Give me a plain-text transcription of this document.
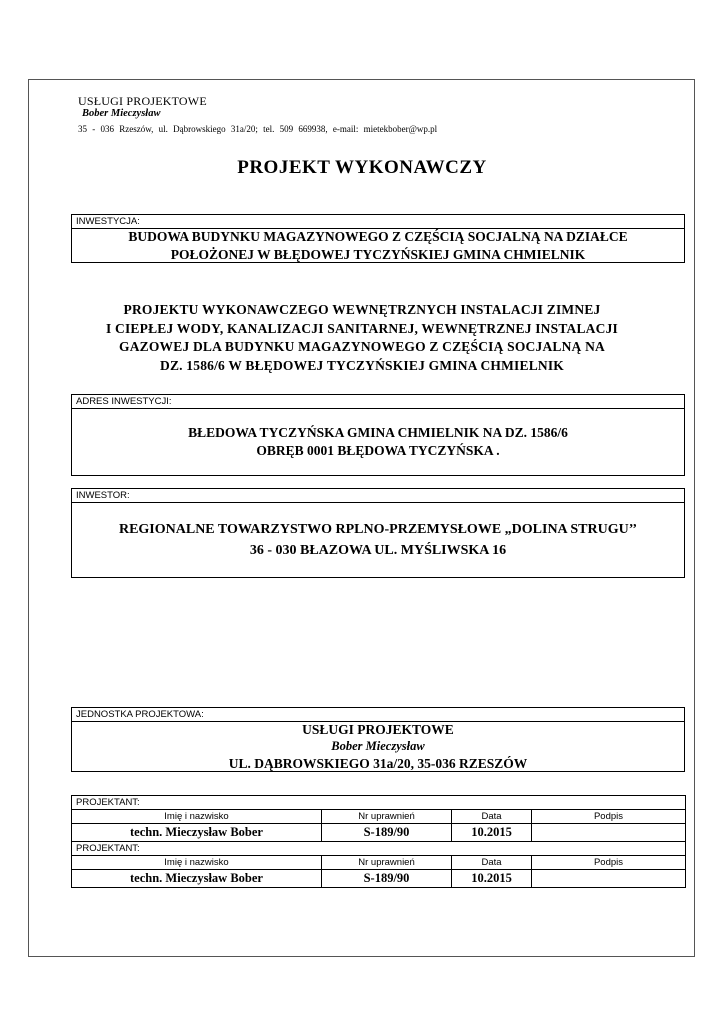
USŁUGI PROJEKTOWE
Bober Mieczysław
35 - 036 Rzeszów, ul. Dąbrowskiego 31a/20; tel. 509 669938, e-mail: mietekbober@wp.pl
PROJEKT WYKONAWCZY
INWESTYCJA:
BUDOWA BUDYNKU MAGAZYNOWEGO Z CZĘŚCIĄ SOCJALNĄ NA DZIAŁCE
POŁOŻONEJ W BŁĘDOWEJ TYCZYŃSKIEJ GMINA CHMIELNIK
PROJEKTU WYKONAWCZEGO WEWNĘTRZNYCH INSTALACJI ZIMNEJ
I CIEPŁEJ WODY, KANALIZACJI SANITARNEJ, WEWNĘTRZNEJ INSTALACJI
GAZOWEJ DLA BUDYNKU MAGAZYNOWEGO Z CZĘŚCIĄ SOCJALNĄ NA
DZ. 1586/6 W BŁĘDOWEJ TYCZYŃSKIEJ GMINA CHMIELNIK
ADRES INWESTYCJI:
BŁEDOWA TYCZYŃSKA GMINA CHMIELNIK NA DZ. 1586/6
OBRĘB 0001 BŁĘDOWA TYCZYŃSKA .
INWESTOR:
REGIONALNE TOWARZYSTWO RPLNO-PRZEMYSŁOWE „DOLINA STRUGU’’
36 - 030 BŁAZOWA UL. MYŚLIWSKA 16
JEDNOSTKA PROJEKTOWA:
USŁUGI PROJEKTOWE
Bober Mieczysław
UL. DĄBROWSKIEGO 31a/20, 35-036 RZESZÓW
PROJEKTANT:			
Imię i nazwisko	Nr uprawnień	Data	Podpis
techn. Mieczysław Bober	S-189/90	10.2015	
PROJEKTANT:			
Imię i nazwisko	Nr uprawnień	Data	Podpis
techn. Mieczysław Bober	S-189/90	10.2015	
